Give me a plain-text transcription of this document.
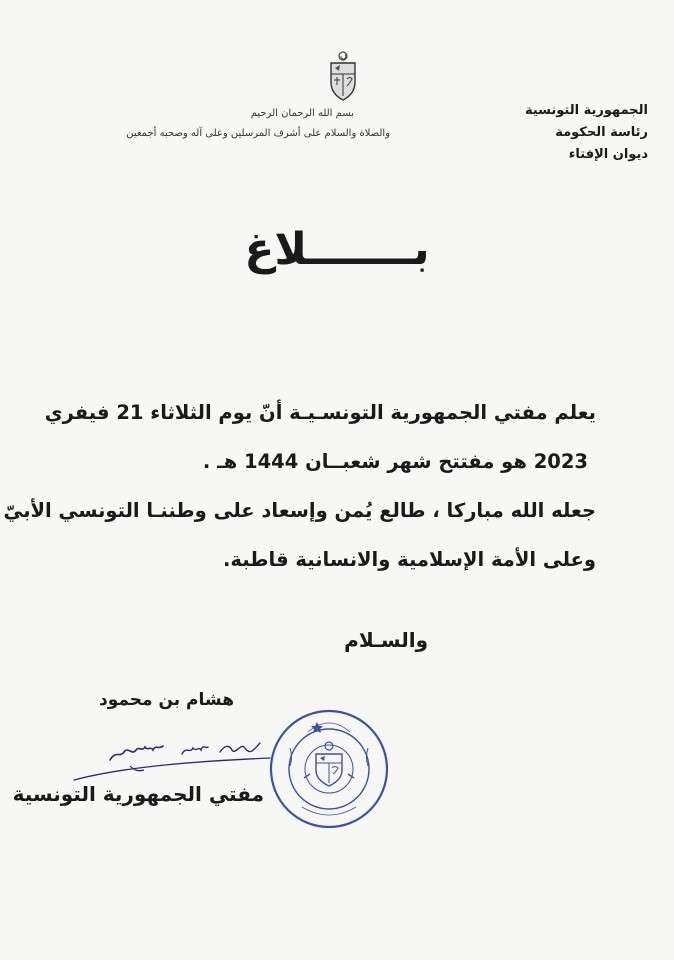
الجمهورية التونسية
رئاسة الحكومة
ديوان الإفتاء
بسم الله الرحمان الرحيم
والصلاة والسلام على أشرف المرسلين وعلى آله وصحبه أجمعين
بـــــــلاغ
يعلم مفتي الجمهورية التونسـيـة أنّ يوم الثلاثاء 21 فيفري
2023 هو مفتتح شهر شعبــان 1444 هـ .
جعله الله مباركا ، طالع يُمن وإسعاد على وطننـا التونسي الأبيّ
وعلى الأمة الإسلامية والانسانية قاطبة.
والسـلام
هشام بن محمود
مفتي الجمهورية التونسية
